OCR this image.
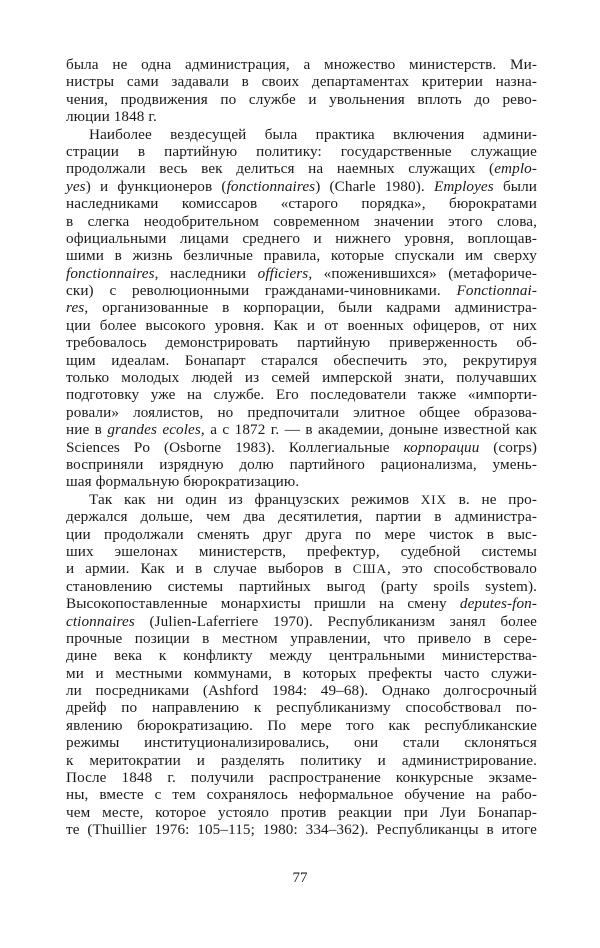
была не одна администрация, а множество министерств. Ми-
нистры сами задавали в своих департаментах критерии назна-
чения, продвижения по службе и увольнения вплоть до рево-
люции 1848 г.
Наиболее вездесущей была практика включения админи-
страции в партийную политику: государственные служащие
продолжали весь век делиться на наемных служащих (emplo-
yes) и функционеров (fonctionnaires) (Charle 1980). Employes были
наследниками комиссаров «старого порядка», бюрократами
в слегка неодобрительном современном значении этого слова,
официальными лицами среднего и нижнего уровня, воплощав-
шими в жизнь безличные правила, которые спускали им сверху
fonctionnaires, наследники officiers, «поженившихся» (метафориче-
ски) с революционными гражданами-чиновниками. Fonctionnai-
res, организованные в корпорации, были кадрами администра-
ции более высокого уровня. Как и от военных офицеров, от них
требовалось демонстрировать партийную приверженность об-
щим идеалам. Бонапарт старался обеспечить это, рекрутируя
только молодых людей из семей имперской знати, получавших
подготовку уже на службе. Его последователи также «импорти-
ровали» лоялистов, но предпочитали элитное общее образова-
ние в grandes ecoles, а с 1872 г. — в академии, доныне известной как
Sciences Po (Osborne 1983). Коллегиальные корпорации (corps)
восприняли изрядную долю партийного рационализма, умень-
шая формальную бюрократизацию.
Так как ни один из французских режимов XIX в. не про-
держался дольше, чем два десятилетия, партии в администра-
ции продолжали сменять друг друга по мере чисток в выс-
ших эшелонах министерств, префектур, судебной системы
и армии. Как и в случае выборов в США, это способствовало
становлению системы партийных выгод (party spoils system).
Высокопоставленные монархисты пришли на смену deputes-fon-
ctionnaires (Julien-Laferriere 1970). Республиканизм занял более
прочные позиции в местном управлении, что привело в сере-
дине века к конфликту между центральными министерства-
ми и местными коммунами, в которых префекты часто служи-
ли посредниками (Ashford 1984: 49–68). Однако долгосрочный
дрейф по направлению к республиканизму способствовал по-
явлению бюрократизацию. По мере того как республиканские
режимы институционализировались, они стали склоняться
к меритократии и разделять политику и администрирование.
После 1848 г. получили распространение конкурсные экзаме-
ны, вместе с тем сохранялось неформальное обучение на рабо-
чем месте, которое устояло против реакции при Луи Бонапар-
те (Thuillier 1976: 105–115; 1980: 334–362). Республиканцы в итоге
77
